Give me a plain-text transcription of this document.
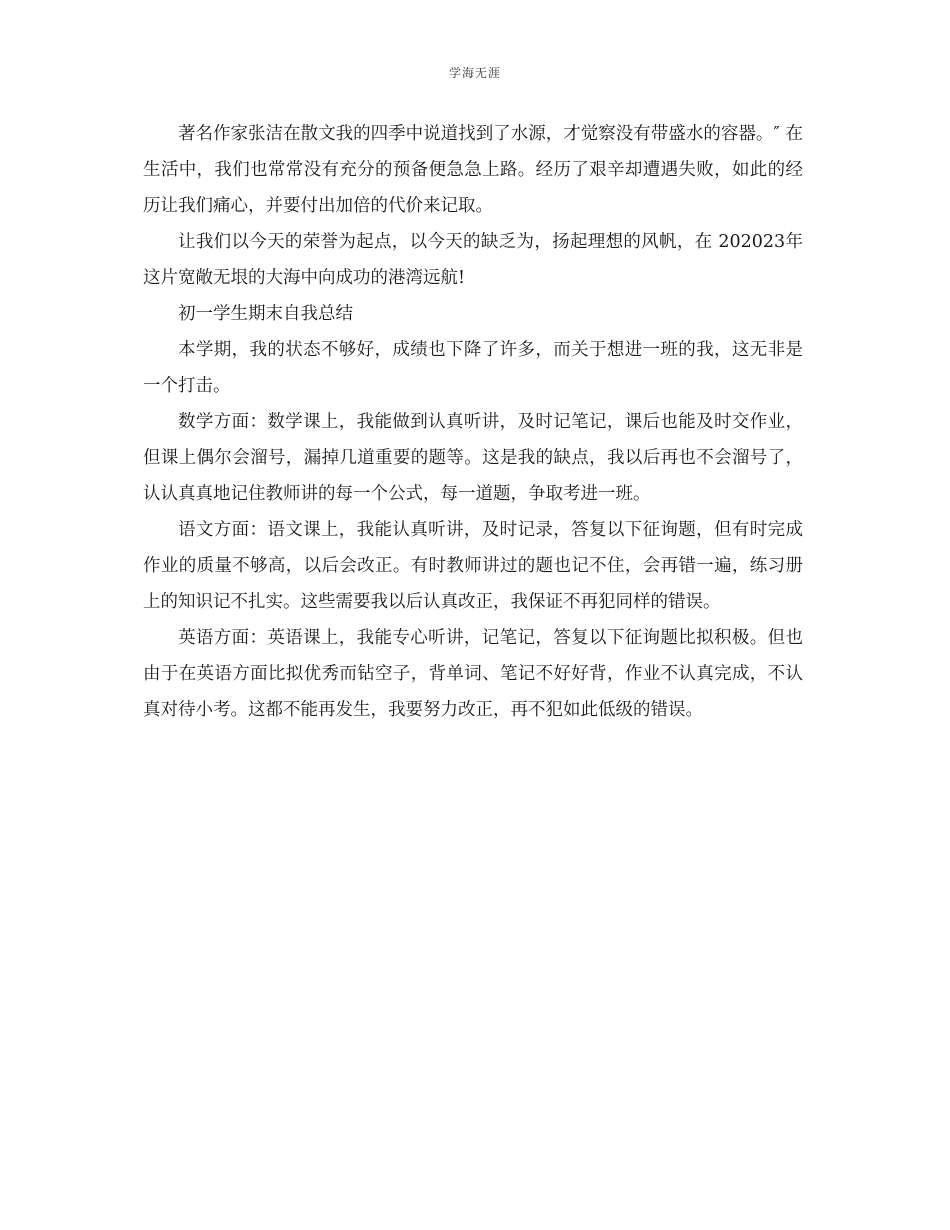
学海无涯

著名作家张洁在散文我的四季中说道找到了水源，才觉察没有带盛水的容器。″ 在生活中，我们也常常没有充分的预备便急急上路。经历了艰辛却遭遇失败，如此的经历让我们痛心，并要付出加倍的代价来记取。

让我们以今天的荣誉为起点，以今天的缺乏为，扬起理想的风帆，在 202023年这片宽敞无垠的大海中向成功的港湾远航!

初一学生期末自我总结

本学期，我的状态不够好，成绩也下降了许多，而关于想进一班的我，这无非是一个打击。

数学方面：数学课上，我能做到认真听讲，及时记笔记，课后也能及时交作业，但课上偶尔会溜号，漏掉几道重要的题等。这是我的缺点，我以后再也不会溜号了，认认真真地记住教师讲的每一个公式，每一道题，争取考进一班。

语文方面：语文课上，我能认真听讲，及时记录，答复以下征询题，但有时完成作业的质量不够高，以后会改正。有时教师讲过的题也记不住，会再错一遍，练习册上的知识记不扎实。这些需要我以后认真改正，我保证不再犯同样的错误。

英语方面：英语课上，我能专心听讲，记笔记，答复以下征询题比拟积极。但也由于在英语方面比拟优秀而钻空子，背单词、笔记不好好背，作业不认真完成，不认真对待小考。这都不能再发生，我要努力改正，再不犯如此低级的错误。
